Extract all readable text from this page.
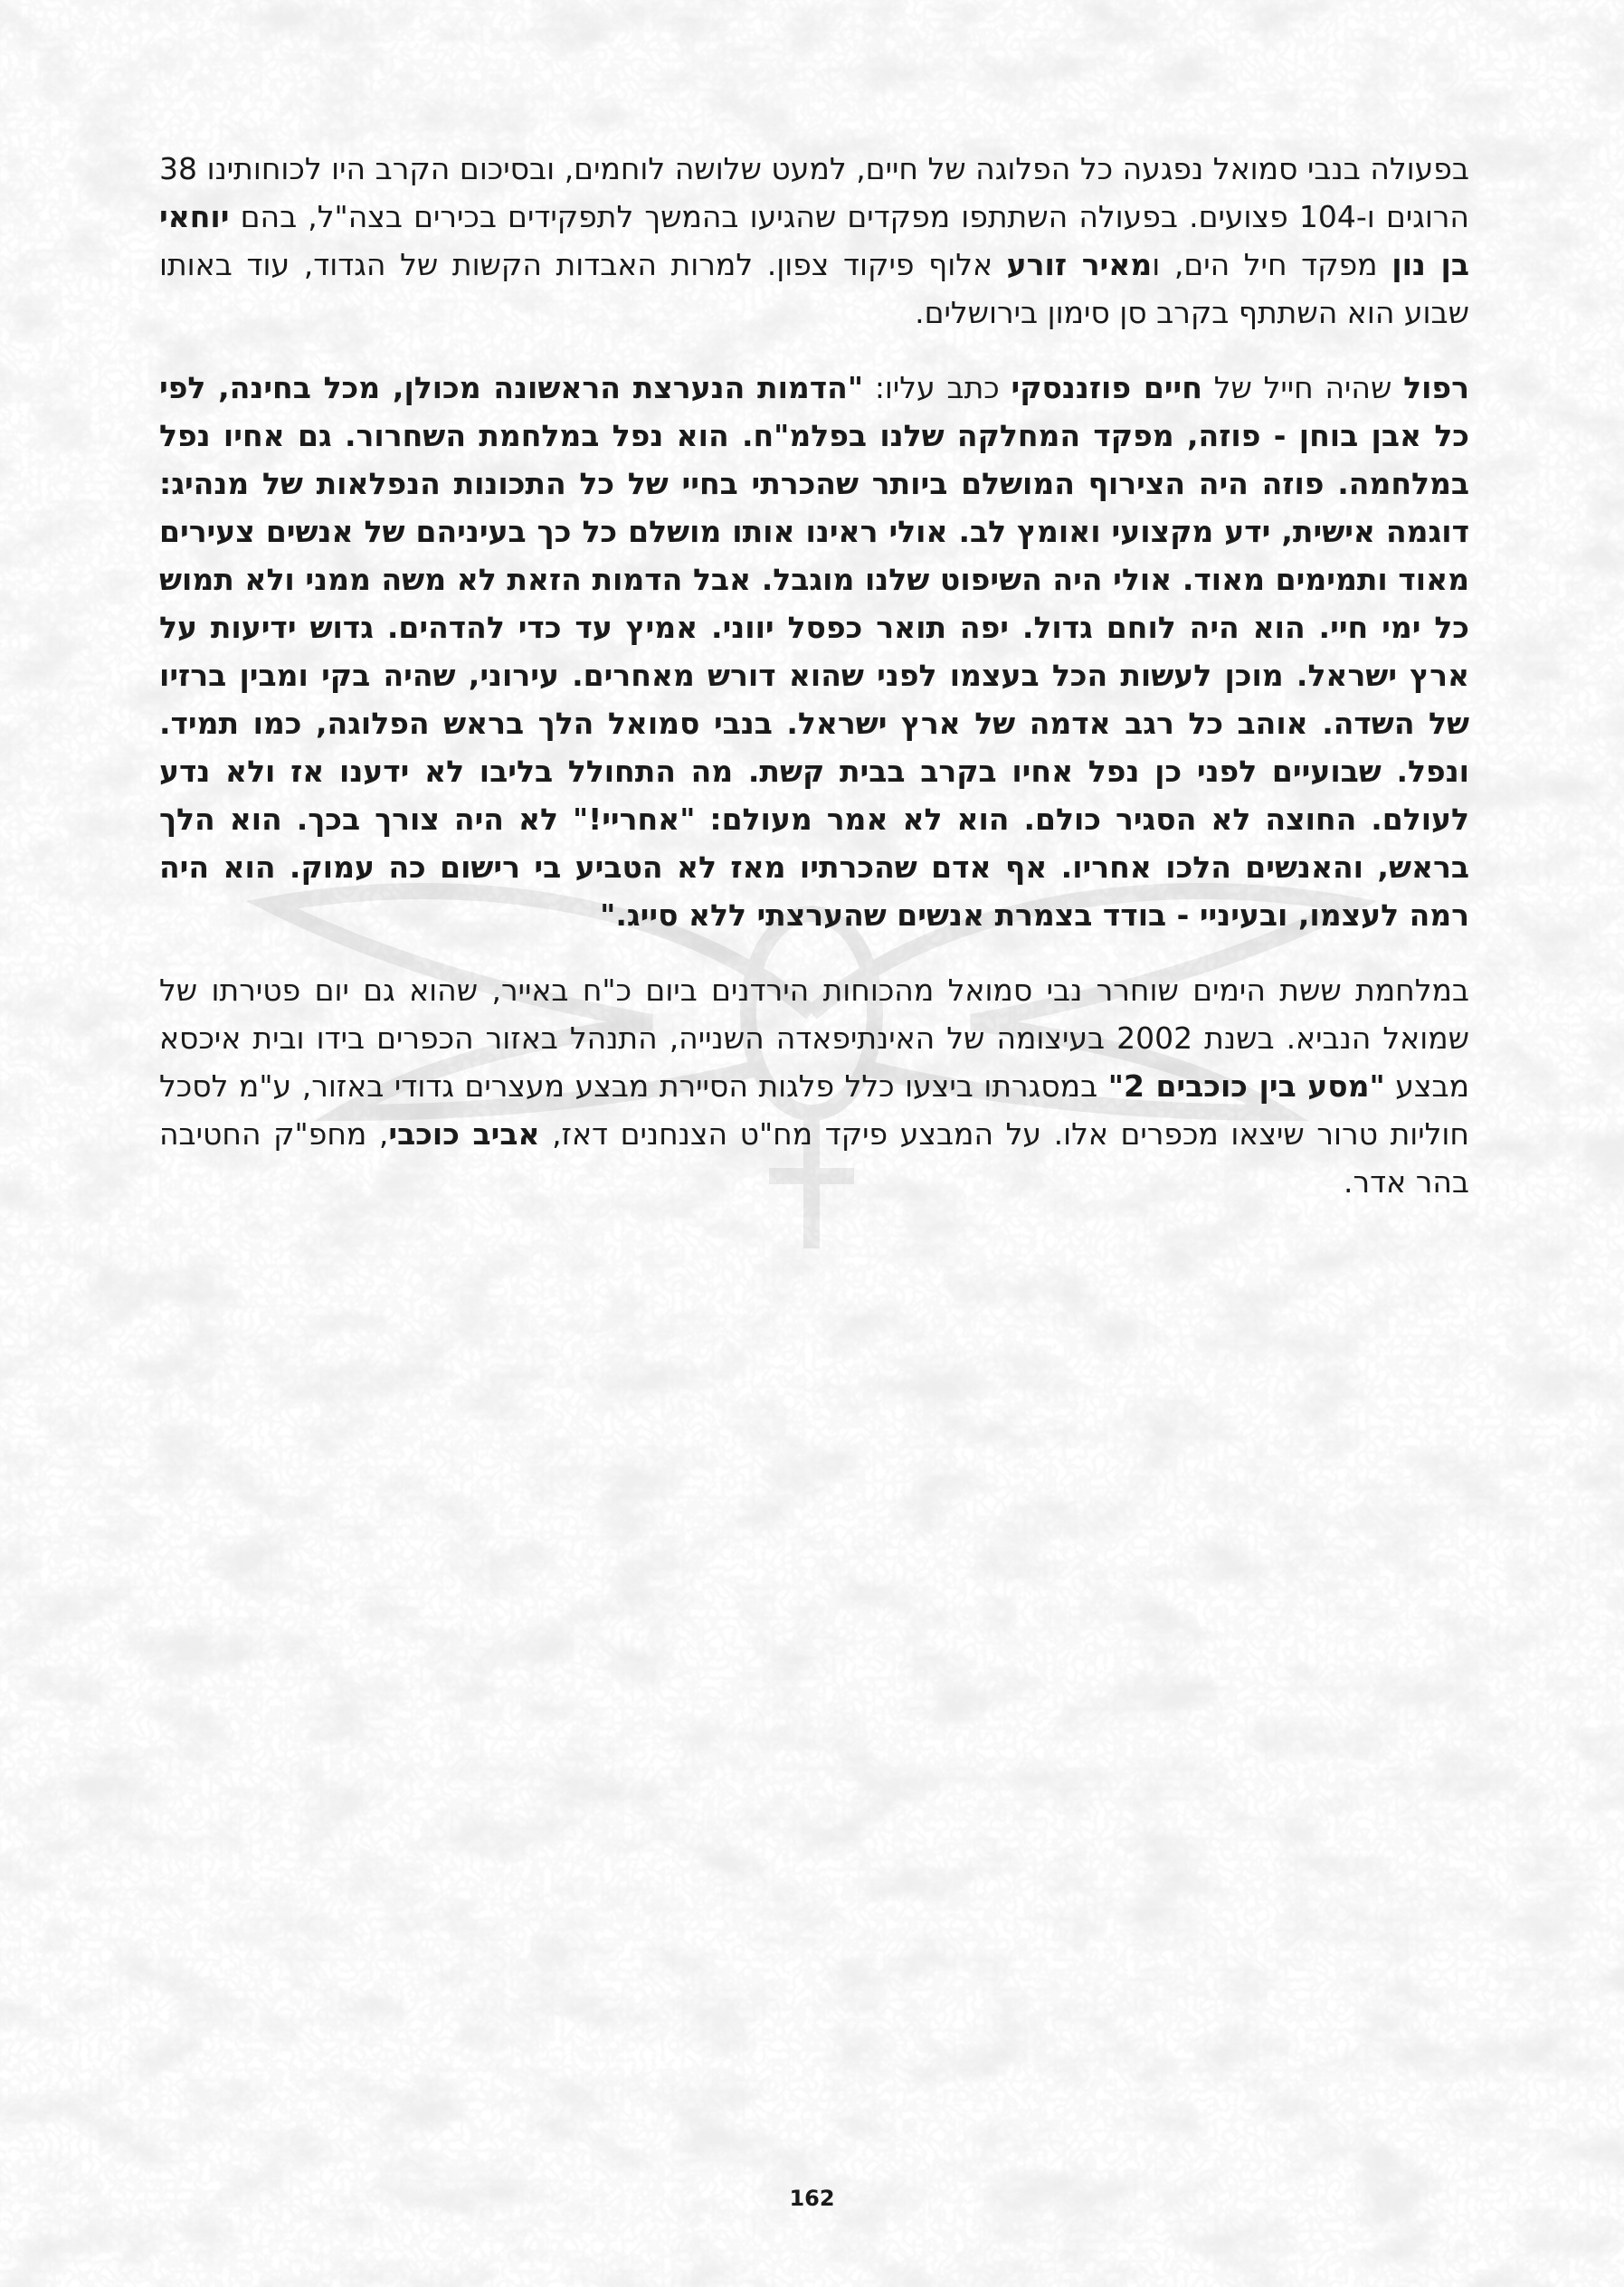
בפעולה בנבי סמואל נפגעה כל הפלוגה של חיים, למעט שלושה לוחמים, ובסיכום הקרב היו לכוחותינו 38 הרוגים ו-104 פצועים. בפעולה השתתפו מפקדים שהגיעו בהמשך לתפקידים בכירים בצה"ל, בהם יוחאי בן נון מפקד חיל הים, ומאיר זורע אלוף פיקוד צפון. למרות האבדות הקשות של הגדוד, עוד באותו שבוע הוא השתתף בקרב סן סימון בירושלים.

רפול שהיה חייל של חיים פוזננסקי כתב עליו: "הדמות הנערצת הראשונה מכולן, מכל בחינה, לפי כל אבן בוחן - פוזה, מפקד המחלקה שלנו בפלמ"ח. הוא נפל במלחמת השחרור. גם אחיו נפל במלחמה. פוזה היה הצירוף המושלם ביותר שהכרתי בחיי של כל התכונות הנפלאות של מנהיג: דוגמה אישית, ידע מקצועי ואומץ לב. אולי ראינו אותו מושלם כל כך בעיניהם של אנשים צעירים מאוד ותמימים מאוד. אולי היה השיפוט שלנו מוגבל. אבל הדמות הזאת לא משה ממני ולא תמוש כל ימי חיי. הוא היה לוחם גדול. יפה תואר כפסל יווני. אמיץ עד כדי להדהים. גדוש ידיעות על ארץ ישראל. מוכן לעשות הכל בעצמו לפני שהוא דורש מאחרים. עירוני, שהיה בקי ומבין ברזיו של השדה. אוהב כל רגב אדמה של ארץ ישראל. בנבי סמואל הלך בראש הפלוגה, כמו תמיד. ונפל. שבועיים לפני כן נפל אחיו בקרב בבית קשת. מה התחולל בליבו לא ידענו אז ולא נדע לעולם. החוצה לא הסגיר כולם. הוא לא אמר מעולם: "אחריי!" לא היה צורך בכך. הוא הלך בראש, והאנשים הלכו אחריו. אף אדם שהכרתיו מאז לא הטביע בי רישום כה עמוק. הוא היה רמה לעצמו, ובעיניי - בודד בצמרת אנשים שהערצתי ללא סייג."

במלחמת ששת הימים שוחרר נבי סמואל מהכוחות הירדנים ביום כ"ח באייר, שהוא גם יום פטירתו של שמואל הנביא. בשנת 2002 בעיצומה של האינתיפאדה השנייה, התנהל באזור הכפרים בידו ובית איכסא מבצע "מסע בין כוכבים 2" במסגרתו ביצעו כלל פלגות הסיירת מבצע מעצרים גדודי באזור, ע"מ לסכל חוליות טרור שיצאו מכפרים אלו. על המבצע פיקד מח"ט הצנחנים דאז, אביב כוכבי, מחפ"ק החטיבה בהר אדר.

162
